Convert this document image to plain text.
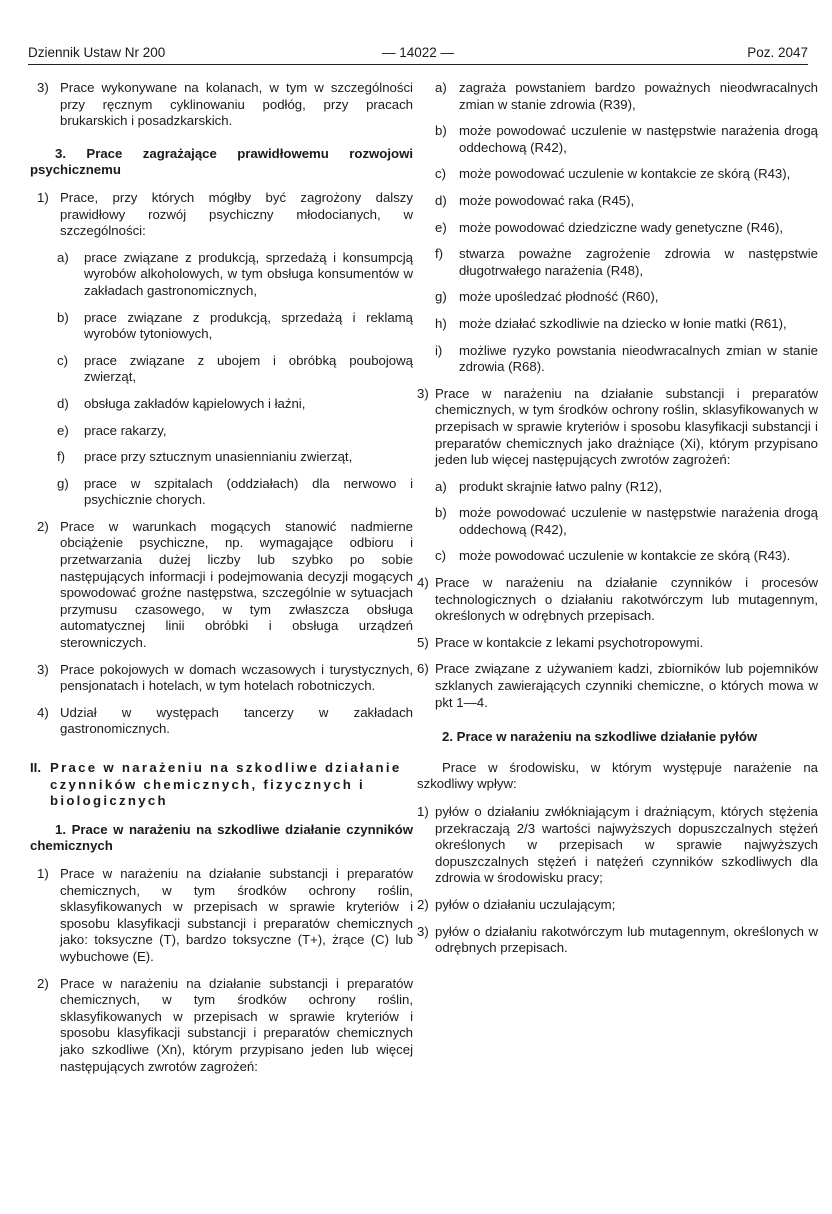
Dziennik Ustaw Nr 200	— 14022 —	Poz. 2047
3) Prace wykonywane na kolanach, w tym w szczególności przy ręcznym cyklinowaniu podłóg, przy pracach brukarskich i posadzkarskich.
3. Prace zagrażające prawidłowemu rozwojowi psychicznemu
1) Prace, przy których mógłby być zagrożony dalszy prawidłowy rozwój psychiczny młodocianych, w szczególności:
a) prace związane z produkcją, sprzedażą i konsumpcją wyrobów alkoholowych, w tym obsługa konsumentów w zakładach gastronomicznych,
b) prace związane z produkcją, sprzedażą i reklamą wyrobów tytoniowych,
c) prace związane z ubojem i obróbką poubojową zwierząt,
d) obsługa zakładów kąpielowych i łaźni,
e) prace rakarzy,
f) prace przy sztucznym unasiennianiu zwierząt,
g) prace w szpitalach (oddziałach) dla nerwowo i psychicznie chorych.
2) Prace w warunkach mogących stanowić nadmierne obciążenie psychiczne, np. wymagające odbioru i przetwarzania dużej liczby lub szybko po sobie następujących informacji i podejmowania decyzji mogących spowodować groźne następstwa, szczególnie w sytuacjach przymusu czasowego, w tym zwłaszcza obsługa automatycznej linii obróbki i obsługa urządzeń sterowniczych.
3) Prace pokojowych w domach wczasowych i turystycznych, pensjonatach i hotelach, w tym hotelach robotniczych.
4) Udział w występach tancerzy w zakładach gastronomicznych.
II. Prace w narażeniu na szkodliwe działanie czynników chemicznych, fizycznych i biologicznych
1. Prace w narażeniu na szkodliwe działanie czynników chemicznych
1) Prace w narażeniu na działanie substancji i preparatów chemicznych, w tym środków ochrony roślin, sklasyfikowanych w przepisach w sprawie kryteriów i sposobu klasyfikacji substancji i preparatów chemicznych jako: toksyczne (T), bardzo toksyczne (T+), żrące (C) lub wybuchowe (E).
2) Prace w narażeniu na działanie substancji i preparatów chemicznych, w tym środków ochrony roślin, sklasyfikowanych w przepisach w sprawie kryteriów i sposobu klasyfikacji substancji i preparatów chemicznych jako szkodliwe (Xn), którym przypisano jeden lub więcej następujących zwrotów zagrożeń:
a) zagraża powstaniem bardzo poważnych nieodwracalnych zmian w stanie zdrowia (R39),
b) może powodować uczulenie w następstwie narażenia drogą oddechową (R42),
c) może powodować uczulenie w kontakcie ze skórą (R43),
d) może powodować raka (R45),
e) może powodować dziedziczne wady genetyczne (R46),
f) stwarza poważne zagrożenie zdrowia w następstwie długotrwałego narażenia (R48),
g) może upośledzać płodność (R60),
h) może działać szkodliwie na dziecko w łonie matki (R61),
i) możliwe ryzyko powstania nieodwracalnych zmian w stanie zdrowia (R68).
3) Prace w narażeniu na działanie substancji i preparatów chemicznych, w tym środków ochrony roślin, sklasyfikowanych w przepisach w sprawie kryteriów i sposobu klasyfikacji substancji i preparatów chemicznych jako drażniące (Xi), którym przypisano jeden lub więcej następujących zwrotów zagrożeń:
a) produkt skrajnie łatwo palny (R12),
b) może powodować uczulenie w następstwie narażenia drogą oddechową (R42),
c) może powodować uczulenie w kontakcie ze skórą (R43).
4) Prace w narażeniu na działanie czynników i procesów technologicznych o działaniu rakotwórczym lub mutagennym, określonych w odrębnych przepisach.
5) Prace w kontakcie z lekami psychotropowymi.
6) Prace związane z używaniem kadzi, zbiorników lub pojemników szklanych zawierających czynniki chemiczne, o których mowa w pkt 1—4.
2. Prace w narażeniu na szkodliwe działanie pyłów
Prace w środowisku, w którym występuje narażenie na szkodliwy wpływ:
1) pyłów o działaniu zwłókniającym i drażniącym, których stężenia przekraczają 2/3 wartości najwyższych dopuszczalnych stężeń określonych w przepisach w sprawie najwyższych dopuszczalnych stężeń i natężeń czynników szkodliwych dla zdrowia w środowisku pracy;
2) pyłów o działaniu uczulającym;
3) pyłów o działaniu rakotwórczym lub mutagennym, określonych w odrębnych przepisach.
